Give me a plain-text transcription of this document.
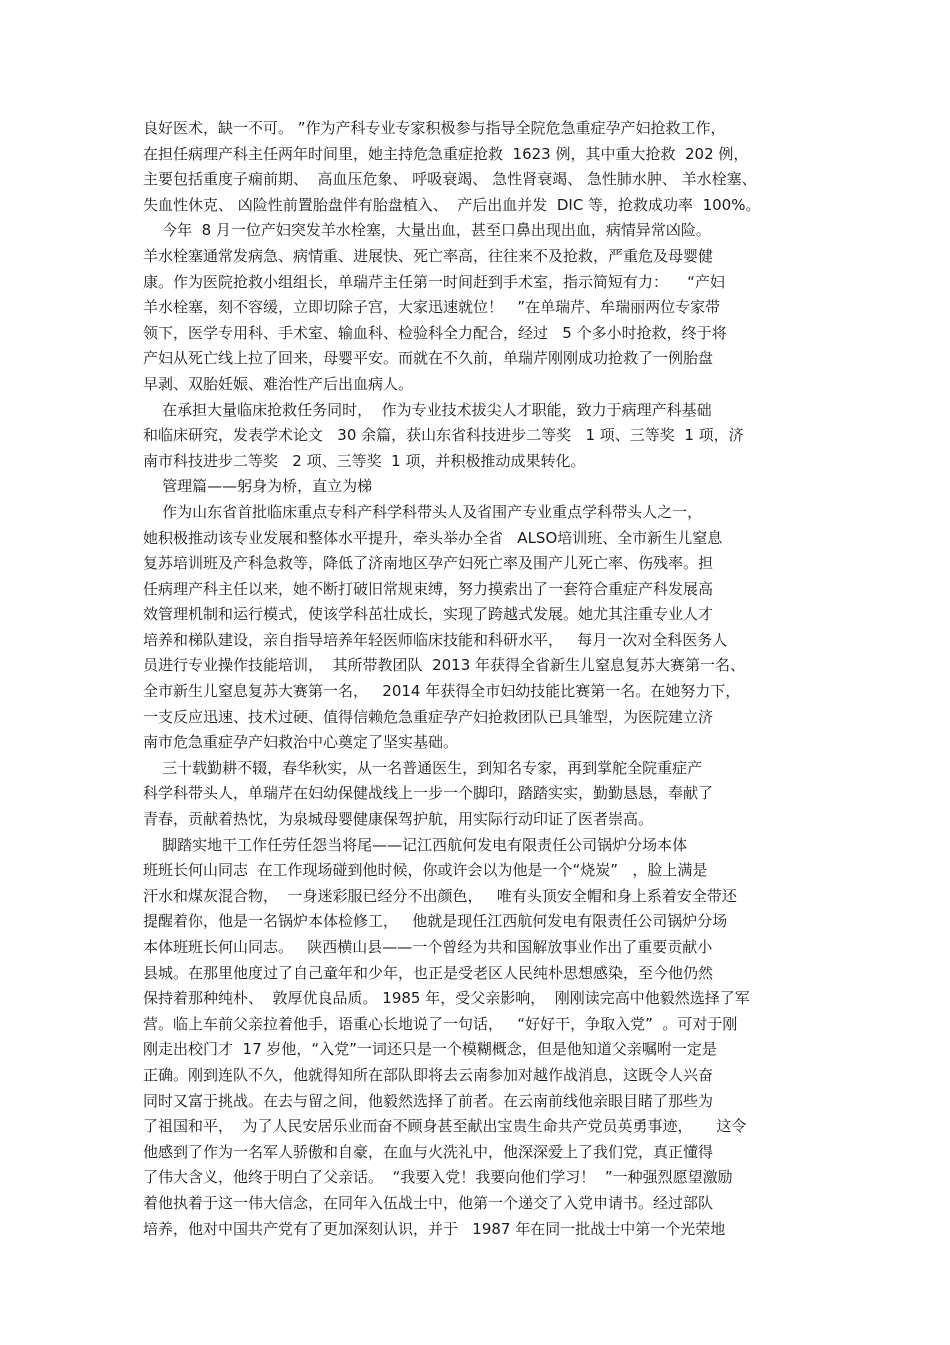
良好医术，缺一不可。 ”作为产科专业专家积极参与指导全院危急重症孕产妇抢救工作，
在担任病理产科主任两年时间里，她主持危急重症抢救  1623 例，其中重大抢救  202 例，
主要包括重度子痫前期、  高血压危象、 呼吸衰竭、 急性肾衰竭、 急性肺水肿、 羊水栓塞、
失血性休克、 凶险性前置胎盘伴有胎盘植入、  产后出血并发  DIC 等，抢救成功率  100%。
今年  8 月一位产妇突发羊水栓塞，大量出血，甚至口鼻出现出血，病情异常凶险。
羊水栓塞通常发病急、病情重、进展快、死亡率高，往往来不及抢救，严重危及母婴健
康。作为医院抢救小组组长，单瑞芹主任第一时间赶到手术室，指示简短有力：    “产妇
羊水栓塞，刻不容缓，立即切除子宫，大家迅速就位！   ”在单瑞芹、牟瑞丽两位专家带
领下，医学专用科、手术室、输血科、检验科全力配合，经过   5 个多小时抢救，终于将
产妇从死亡线上拉了回来，母婴平安。而就在不久前，单瑞芹刚刚成功抢救了一例胎盘
早剥、双胎妊娠、难治性产后出血病人。
在承担大量临床抢救任务同时，  作为专业技术拔尖人才职能，致力于病理产科基础
和临床研究，发表学术论文   30 余篇，获山东省科技进步二等奖   1 项、三等奖  1 项，济
南市科技进步二等奖   2 项、三等奖  1 项，并积极推动成果转化。
管理篇——躬身为桥，直立为梯
作为山东省首批临床重点专科产科学科带头人及省围产专业重点学科带头人之一，
她积极推动该专业发展和整体水平提升，牵头举办全省   ALSO培训班、全市新生儿窒息
复苏培训班及产科急救等，降低了济南地区孕产妇死亡率及围产儿死亡率、伤残率。担
任病理产科主任以来，她不断打破旧常规束缚，努力摸索出了一套符合重症产科发展高
效管理机制和运行模式，使该学科茁壮成长，实现了跨越式发展。她尤其注重专业人才
培养和梯队建设，亲自指导培养年轻医师临床技能和科研水平，   每月一次对全科医务人
员进行专业操作技能培训，  其所带教团队  2013 年获得全省新生儿窒息复苏大赛第一名、
全市新生儿窒息复苏大赛第一名，   2014 年获得全市妇幼技能比赛第一名。在她努力下，
一支反应迅速、技术过硬、值得信赖危急重症孕产妇抢救团队已具雏型，为医院建立济
南市危急重症孕产妇救治中心奠定了坚实基础。
三十载勤耕不辍，春华秋实，从一名普通医生，到知名专家，再到掌舵全院重症产
科学科带头人，单瑞芹在妇幼保健战线上一步一个脚印，踏踏实实，勤勤恳恳，奉献了
青春，贡献着热忱，为泉城母婴健康保驾护航，用实际行动印证了医者崇高。
脚踏实地干工作任劳任怨当将尾——记江西航何发电有限责任公司锅炉分场本体
班班长何山同志  在工作现场碰到他时候，你或许会以为他是一个“烧炭”   ，脸上满是
汗水和煤灰混合物，  一身迷彩服已经分不出颜色，   唯有头顶安全帽和身上系着安全带还
提醒着你，他是一名锅炉本体检修工，   他就是现任江西航何发电有限责任公司锅炉分场
本体班班长何山同志。   陕西横山县——一个曾经为共和国解放事业作出了重要贡献小
县城。在那里他度过了自己童年和少年，也正是受老区人民纯朴思想感染，至今他仍然
保持着那种纯朴、  敦厚优良品质。 1985 年，受父亲影响，  刚刚读完高中他毅然选择了军
营。临上车前父亲拉着他手，语重心长地说了一句话，   “好好干，争取入党”  。可对于刚
刚走出校门才  17 岁他，“入党”一词还只是一个模糊概念，但是他知道父亲嘱咐一定是
正确。刚到连队不久，他就得知所在部队即将去云南参加对越作战消息，这既令人兴奋
同时又富于挑战。在去与留之间，他毅然选择了前者。在云南前线他亲眼目睹了那些为
了祖国和平，  为了人民安居乐业而奋不顾身甚至献出宝贵生命共产党员英勇事迹，     这令
他感到了作为一名军人骄傲和自豪，在血与火洗礼中，他深深爱上了我们党，真正懂得
了伟大含义，他终于明白了父亲话。  “我要入党！我要向他们学习！  ”一种强烈愿望激励
着他执着于这一伟大信念，在同年入伍战士中，他第一个递交了入党申请书。经过部队
培养，他对中国共产党有了更加深刻认识，并于   1987 年在同一批战士中第一个光荣地
